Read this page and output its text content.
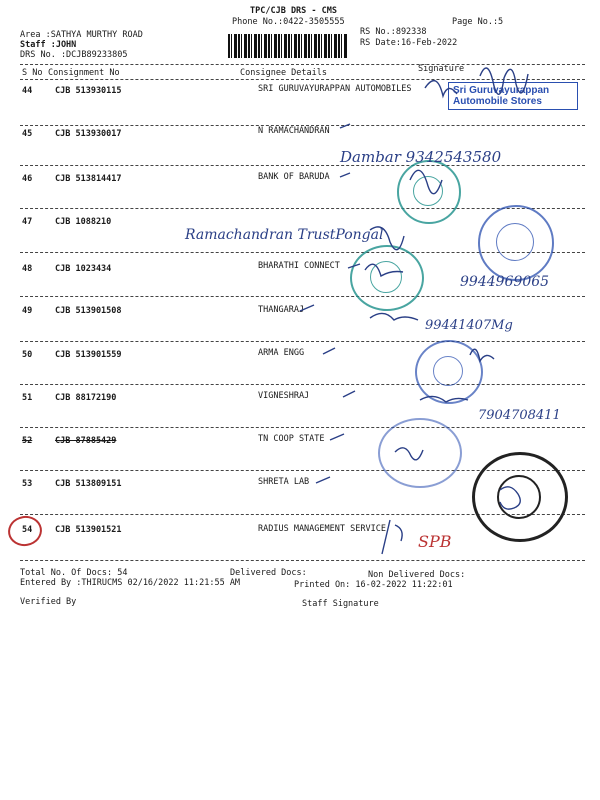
TPC/CJB DRS - CMS
Phone No.:0422-3505555
Area :SATHYA MURTHY ROAD
Staff :JOHN
DRS No. :DCJB89233805
RS No.:892338
RS Date:16-Feb-2022
Page No.:5
S No Consignment No	Consignee Details	Signature
44	CJB 513930115	SRI GURUVAYURAPPAN AUTOMOBILES
45	CJB 513930017	N RAMACHANDRAN
46	CJB 513814417	BANK OF BARUDA
47	CJB 1088210
48	CJB 1023434	BHARATHI CONNECT
49	CJB 513901508	THANGARAJ
50	CJB 513901559	ARMA ENGG
51	CJB 88172190	VIGNESHRAJ
52	CJB 87885429	TN COOP STATE
53	CJB 513809151	SHRETA LAB
54	CJB 513901521	RADIUS MANAGEMENT SERVICE
Sri Guruvayurappan
Automobile Stores
Dambar 9342543580
Ramachandran TrustPongal
9944969065
99441407Mg
7904708411
SPB
Total No. Of Docs: 54	Delivered Docs:	Non Delivered Docs:
Entered By :THIRUCMS 02/16/2022 11:21:55 AM	Printed On: 16-02-2022 11:22:01
Verified By	Staff Signature
